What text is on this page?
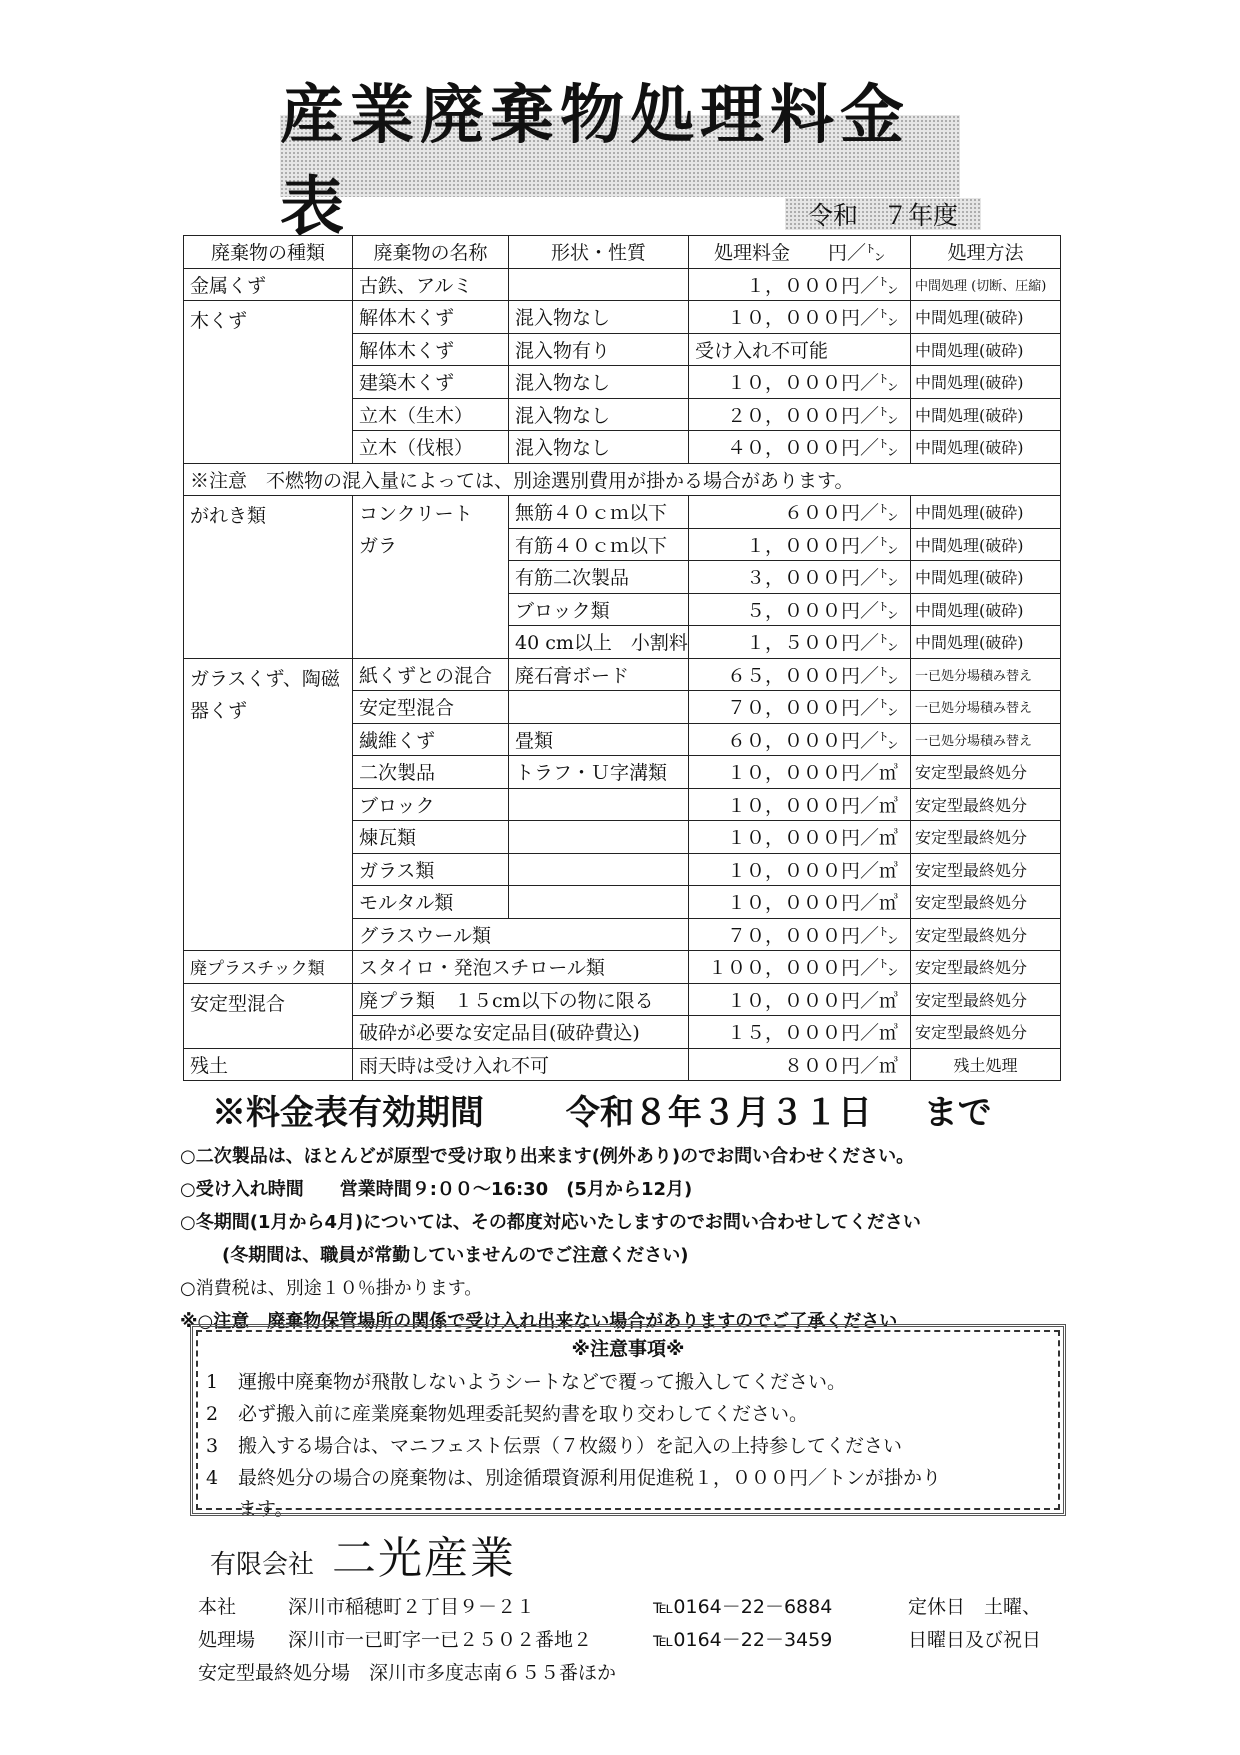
産業廃棄物処理料金表	令和　７年度
廃棄物の種類	廃棄物の名称	形状・性質	処理料金　　円／㌧	処理方法
金属くず	古鉄、アルミ		１，０００円／㌧	中間処理 (切断、圧縮)
木くず	解体木くず	混入物なし	１０，０００円／㌧	中間処理(破砕)
	解体木くず	混入物有り	受け入れ不可能	中間処理(破砕)
	建築木くず	混入物なし	１０，０００円／㌧	中間処理(破砕)
	立木（生木）	混入物なし	２０，０００円／㌧	中間処理(破砕)
	立木（伐根）	混入物なし	４０，０００円／㌧	中間処理(破砕)
※注意　不燃物の混入量によっては、別途選別費用が掛かる場合があります。				
がれき類	コンクリート	無筋４０ｃｍ以下	６００円／㌧	中間処理(破砕)
	ガラ	有筋４０ｃｍ以下	１，０００円／㌧	中間処理(破砕)
		有筋二次製品	３，０００円／㌧	中間処理(破砕)
		ブロック類	５，０００円／㌧	中間処理(破砕)
		40 cm以上　小割料	１，５００円／㌧	中間処理(破砕)
ガラスくず、陶磁器くず	紙くずとの混合	廃石膏ボード	６５，０００円／㌧	一已処分場積み替え
	安定型混合		７０，０００円／㌧	一已処分場積み替え
	繊維くず	畳類	６０，０００円／㌧	一已処分場積み替え
	二次製品	トラフ・Ｕ字溝類	１０，０００円／㎥	安定型最終処分
	ブロック		１０，０００円／㎥	安定型最終処分
	煉瓦類		１０，０００円／㎥	安定型最終処分
	ガラス類		１０，０００円／㎥	安定型最終処分
	モルタル類		１０，０００円／㎥	安定型最終処分
	グラスウール類		７０，０００円／㌧	安定型最終処分
廃プラスチック類	スタイロ・発泡スチロール類		１００，０００円／㌧	安定型最終処分
安定型混合	廃プラ類　１５cm以下の物に限る		１０，０００円／㎥	安定型最終処分
	破砕が必要な安定品目(破砕費込)		１５，０００円／㎥	安定型最終処分
残土	雨天時は受け入れ不可		８００円／㎥	残土処理
※料金表有効期間 令和８年３月３１日 まで
○二次製品は、ほとんどが原型で受け取り出来ます(例外あり)のでお問い合わせください。
○受け入れ時間　　営業時間９:００～16:30　(5月から12月)
○冬期間(1月から4月)については、その都度対応いたしますのでお問い合わせしてください
(冬期間は、職員が常勤していませんのでご注意ください)
○消費税は、別途１０％掛かります。
※○注意　廃棄物保管場所の関係で受け入れ出来ない場合がありますのでご了承ください
※注意事項※
1 運搬中廃棄物が飛散しないようシートなどで覆って搬入してください。
2 必ず搬入前に産業廃棄物処理委託契約書を取り交わしてください。
3 搬入する場合は、マニフェスト伝票（７枚綴り）を記入の上持参してください
4 最終処分の場合の廃棄物は、別途循環資源利用促進税１，０００円／トンが掛かり
ます。
有限会社 二光産業
本社	深川市稲穂町２丁目９－２１	℡0164－22－6884	定休日　土曜、
処理場 深川市一已町字一已２５０２番地２	℡0164－22－3459	日曜日及び祝日
安定型最終処分場　深川市多度志南６５５番ほか
